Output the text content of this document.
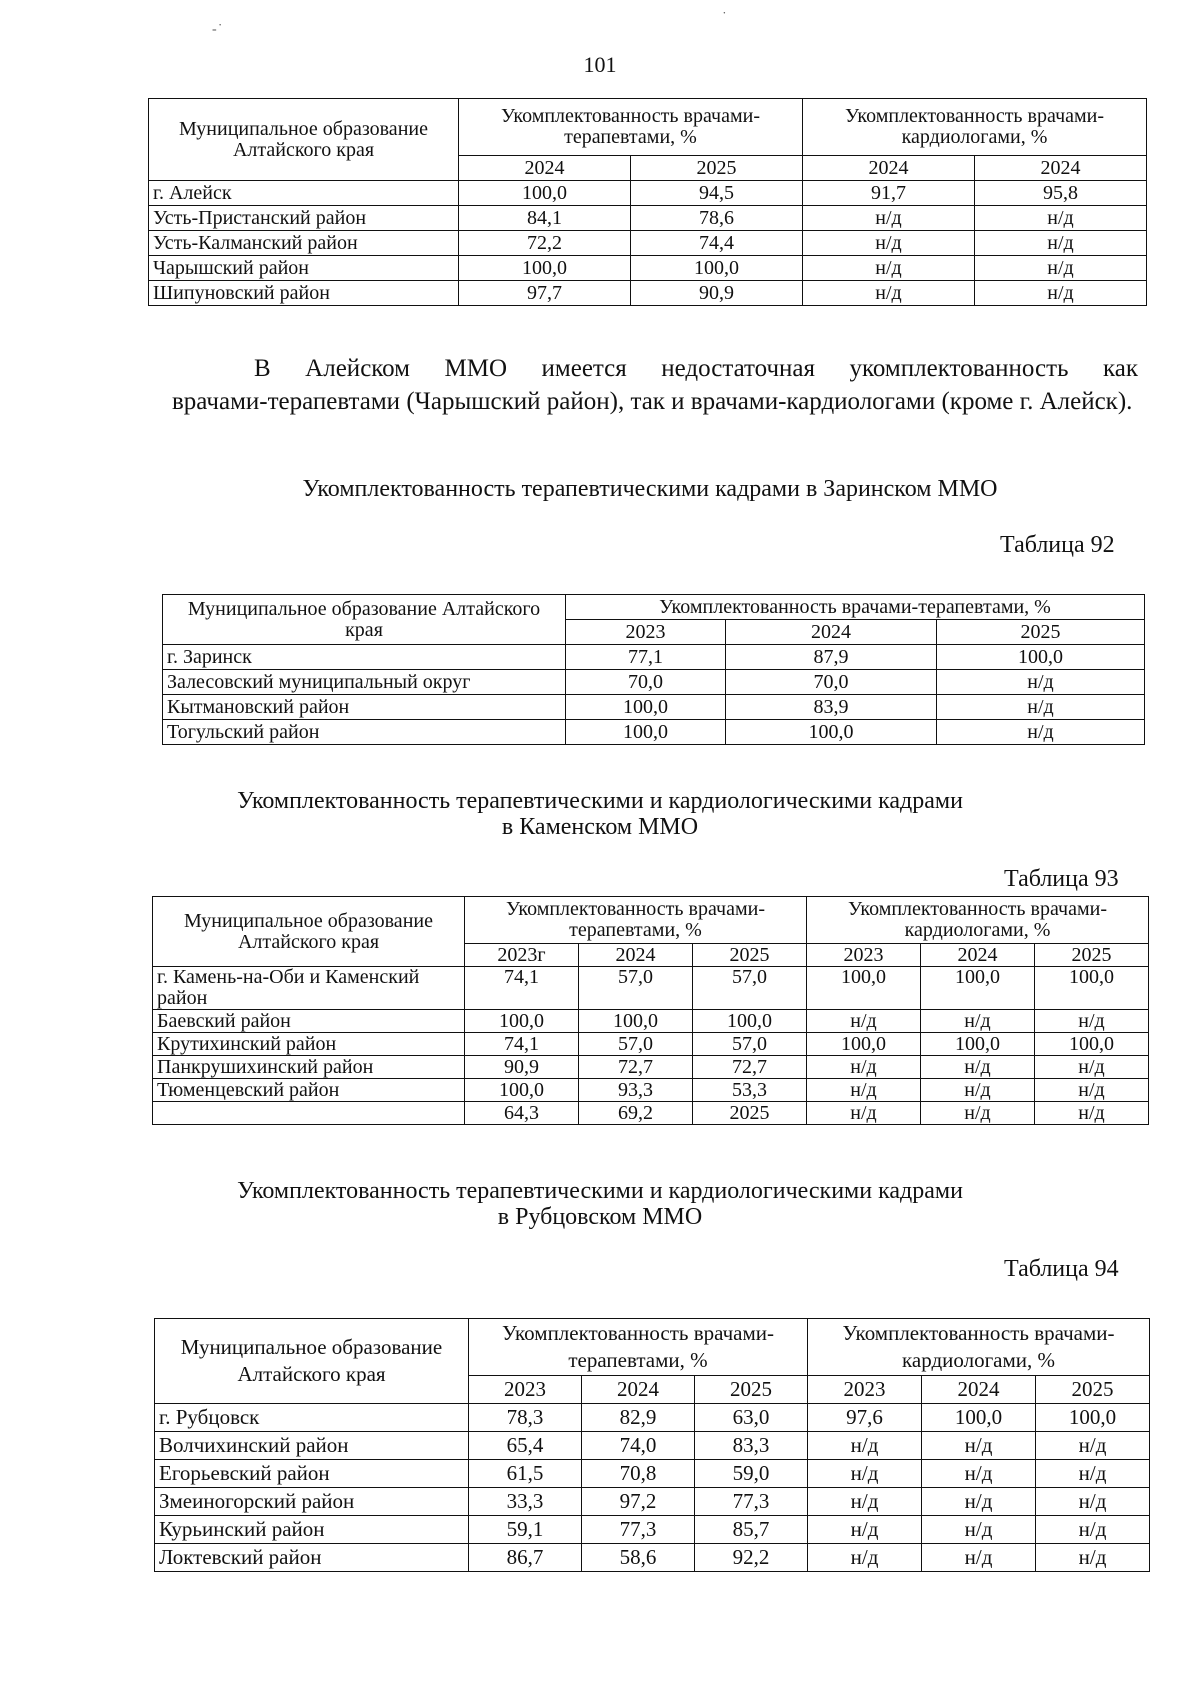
- ̇
˙
101
Муниципальное образование Алтайского края	Укомплектованность врачами-терапевтами, %		Укомплектованность врачами-кардиологами, %	
	2024	2025	2024	2024
г. Алейск	100,0	94,5	91,7	95,8
Усть-Пристанский район	84,1	78,6	н/д	н/д
Усть-Калманский район	72,2	74,4	н/д	н/д
Чарышский район	100,0	100,0	н/д	н/д
Шипуновский район	97,7	90,9	н/д	н/д
В Алейском ММО имеется недостаточная укомплектованность как
врачами-терапевтами (Чарышский район), так и врачами-кардиологами (кроме г. Алейск).
Укомплектованность терапевтическими кадрами в Заринском ММО
Таблица 92
Муниципальное образование Алтайского края	Укомплектованность врачами-терапевтами, %		
	2023	2024	2025
г. Заринск	77,1	87,9	100,0
Залесовский муниципальный округ	70,0	70,0	н/д
Кытмановский район	100,0	83,9	н/д
Тогульский район	100,0	100,0	н/д
Укомплектованность терапевтическими и кардиологическими кадрами
в Каменском ММО
Таблица 93
Муниципальное образование Алтайского края	Укомплектованность врачами-терапевтами, %			Укомплектованность врачами-кардиологами, %		
	2023г	2024	2025	2023	2024	2025
г. Камень-на-Оби и Каменский район	74,1	57,0	57,0	100,0	100,0	100,0
Баевский район	100,0	100,0	100,0	н/д	н/д	н/д
Крутихинский район	74,1	57,0	57,0	100,0	100,0	100,0
Панкрушихинский район	90,9	72,7	72,7	н/д	н/д	н/д
Тюменцевский район	100,0	93,3	53,3	н/д	н/д	н/д
	64,3	69,2	2025	н/д	н/д	н/д
Укомплектованность терапевтическими и кардиологическими кадрами
в Рубцовском ММО
Таблица 94
Муниципальное образование Алтайского края	Укомплектованность врачами-терапевтами, %			Укомплектованность врачами-кардиологами, %		
	2023	2024	2025	2023	2024	2025
г. Рубцовск	78,3	82,9	63,0	97,6	100,0	100,0
Волчихинский район	65,4	74,0	83,3	н/д	н/д	н/д
Егорьевский район	61,5	70,8	59,0	н/д	н/д	н/д
Змеиногорский район	33,3	97,2	77,3	н/д	н/д	н/д
Курьинский район	59,1	77,3	85,7	н/д	н/д	н/д
Локтевский район	86,7	58,6	92,2	н/д	н/д	н/д
